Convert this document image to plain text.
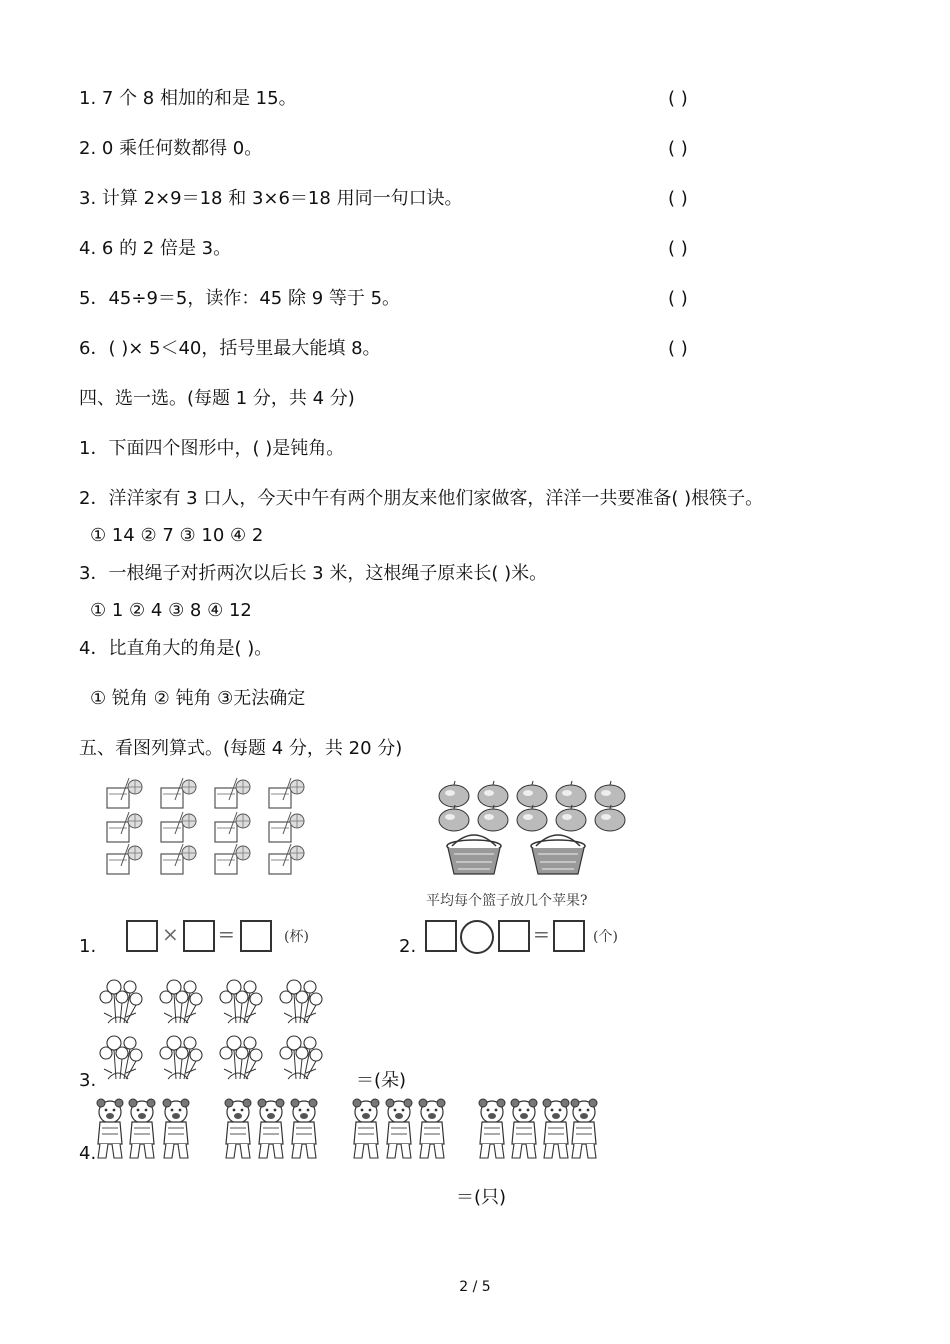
1. 7 个 8 相加的和是 15。	( )
2. 0 乘任何数都得 0。	( )
3. 计算 2×9＝18 和 3×6＝18 用同一句口诀。	( )
4. 6 的 2 倍是 3。	( )
5．45÷9＝5，读作：45 除 9 等于 5。	( )
6．( )× 5＜40，括号里最大能填 8。	( )
四、选一选。(每题 1 分，共 4 分)
1．下面四个图形中，( )是钝角。
2．洋洋家有 3 口人，今天中午有两个朋友来他们家做客，洋洋一共要准备( )根筷子。
① 14 ② 7 ③ 10 ④ 2
3．一根绳子对折两次以后长 3 米，这根绳子原来长( )米。
① 1 ② 4 ③ 8 ④ 12
4．比直角大的角是( )。
① 锐角 ② 钝角 ③无法确定
五、看图列算式。(每题 4 分，共 20 分)
平均每个篮子放几个苹果?
1.
× =	(杯)	2.
=	(个)
3.	＝(朵)
4.
＝(只)
2 / 5
